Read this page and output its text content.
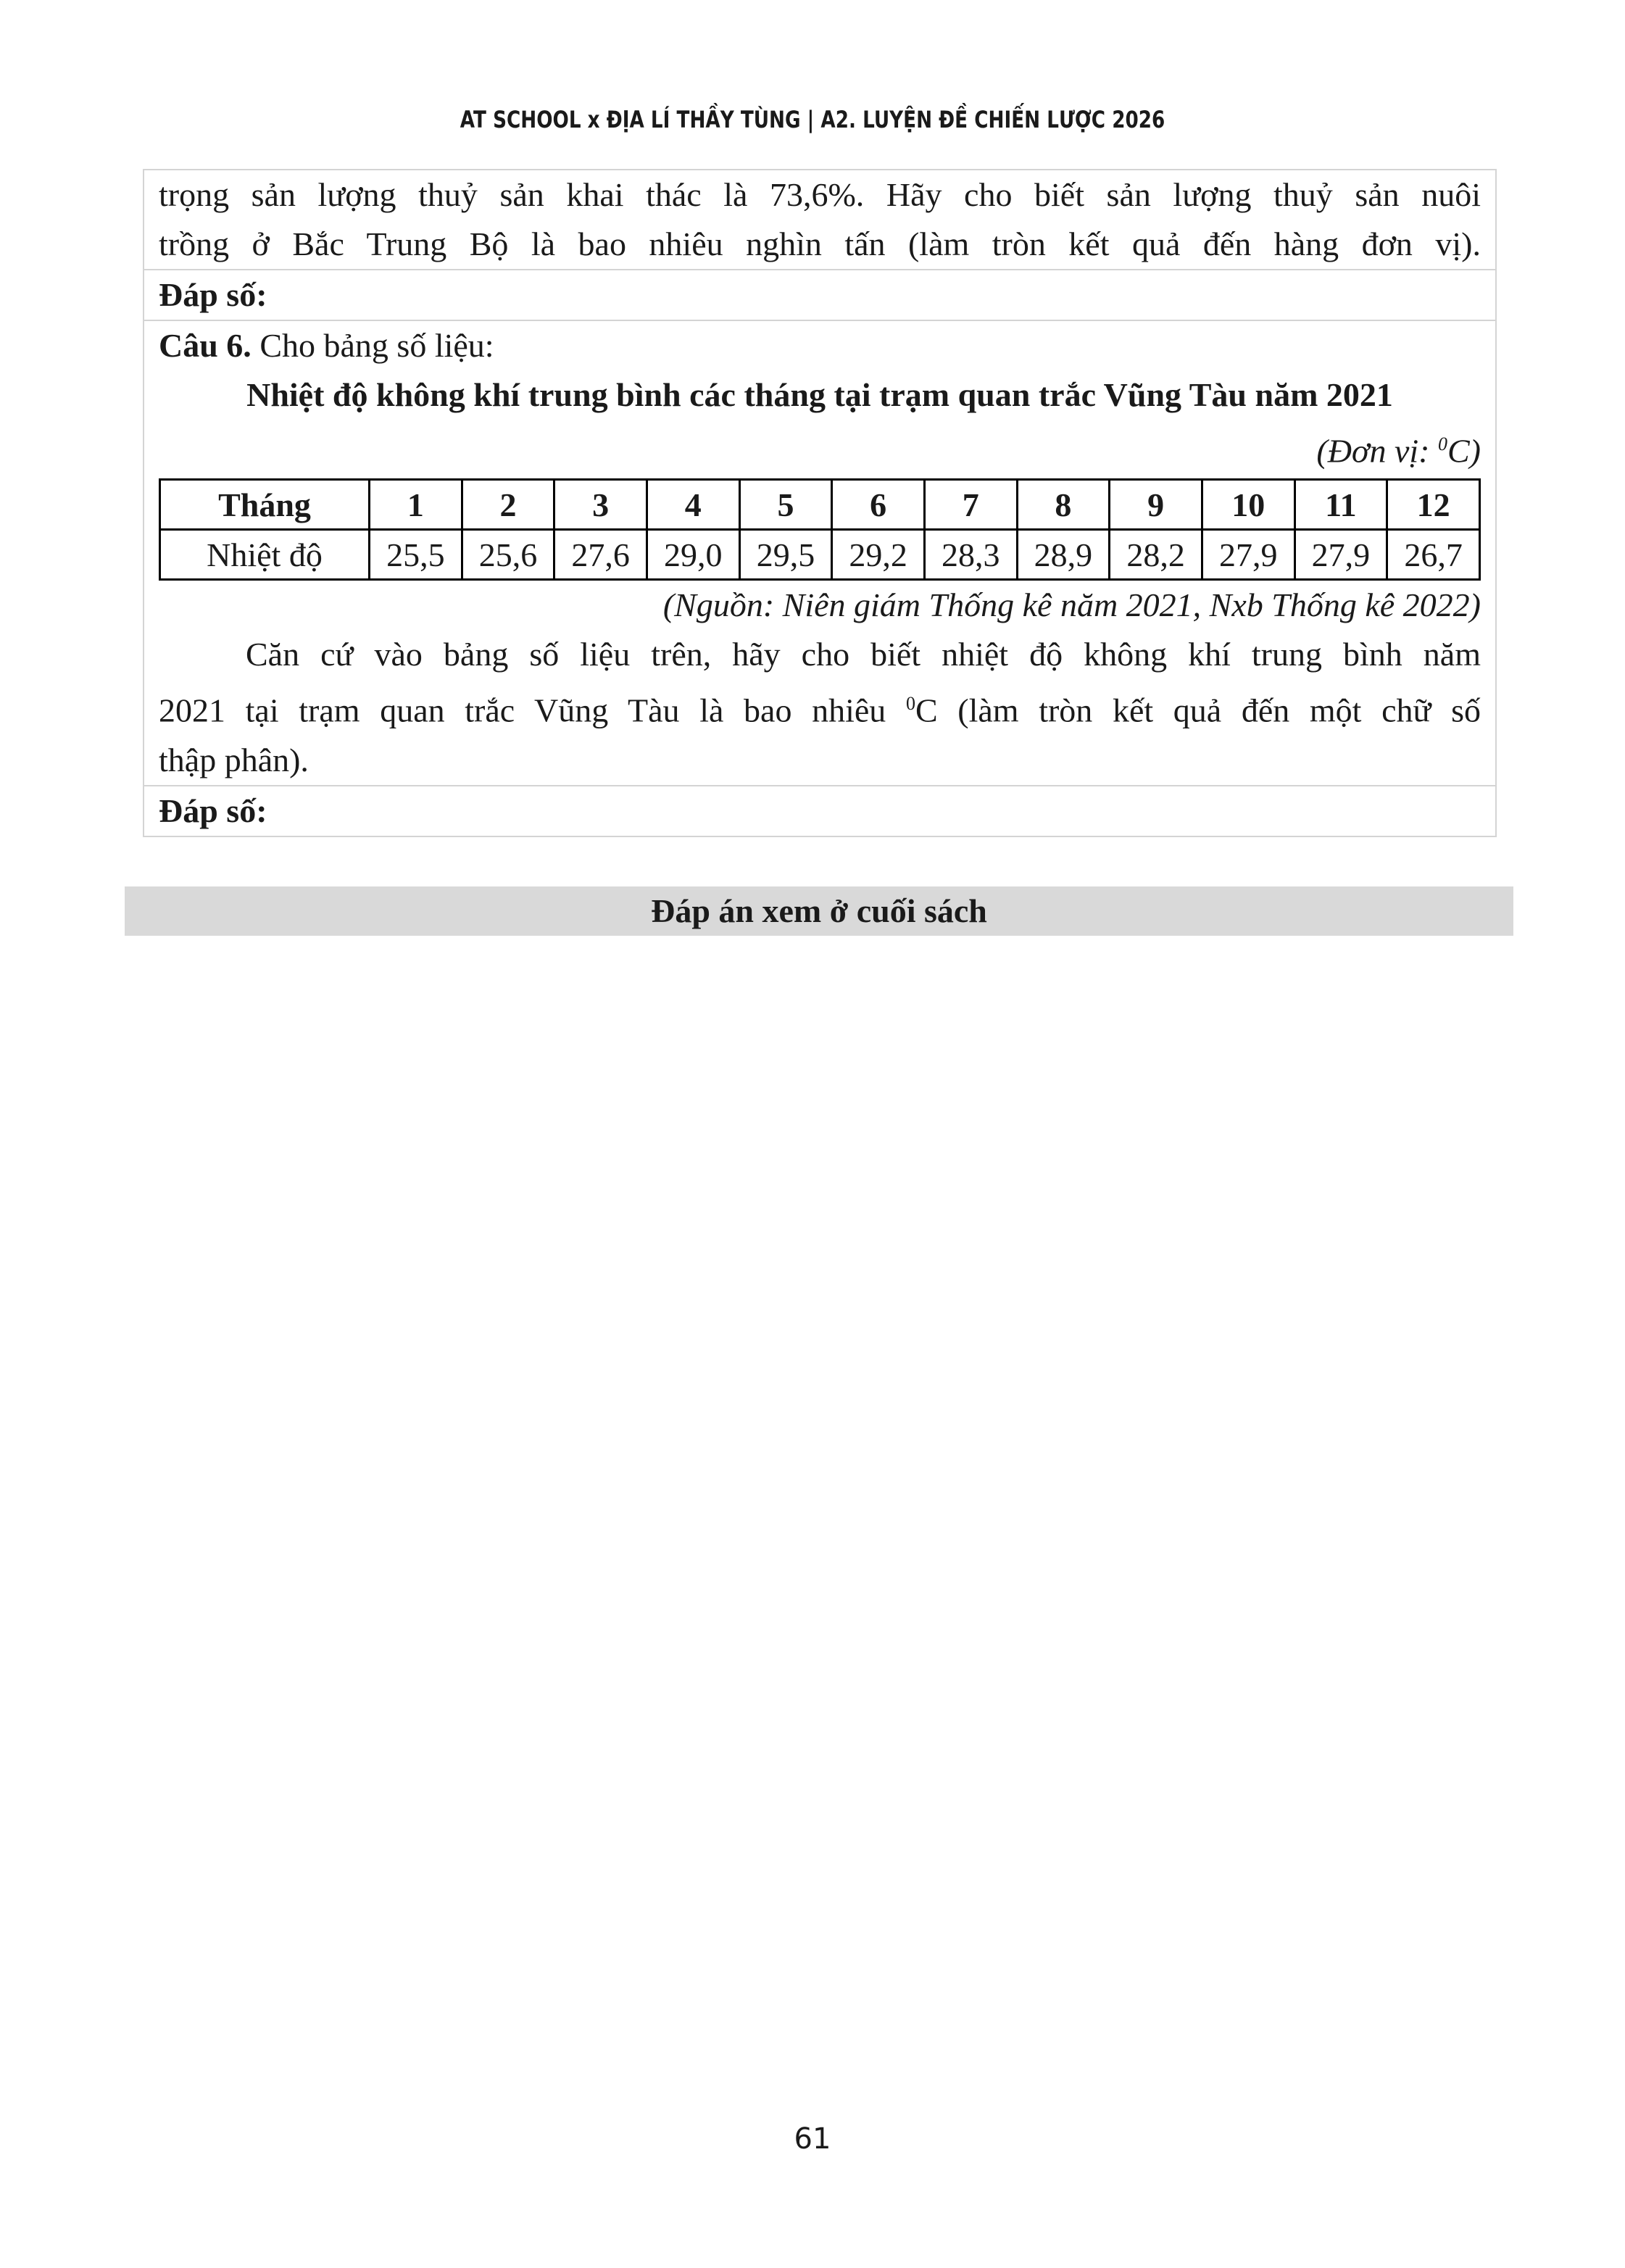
AT SCHOOL x ĐỊA LÍ THẦY TÙNG | A2. LUYỆN ĐỀ CHIẾN LƯỢC 2026
trọng sản lượng thuỷ sản khai thác là 73,6%. Hãy cho biết sản lượng thuỷ sản nuôi
trồng ở Bắc Trung Bộ là bao nhiêu nghìn tấn (làm tròn kết quả đến hàng đơn vị).
Đáp số:
Câu 6. Cho bảng số liệu:
Nhiệt độ không khí trung bình các tháng tại trạm quan trắc Vũng Tàu năm 2021
(Đơn vị: $^0$C)
Tháng	1	2	3	4	5	6	7	8	9	10	11	12
Nhiệt độ	25,5	25,6	27,6	29,0	29,5	29,2	28,3	28,9	28,2	27,9	27,9	26,7
(Nguồn: Niên giám Thống kê năm 2021, Nxb Thống kê 2022)
Căn cứ vào bảng số liệu trên, hãy cho biết nhiệt độ không khí trung bình năm
2021 tại trạm quan trắc Vũng Tàu là bao nhiêu $^0$C (làm tròn kết quả đến một chữ số
thập phân).
Đáp số:
Đáp án xem ở cuối sách
61
